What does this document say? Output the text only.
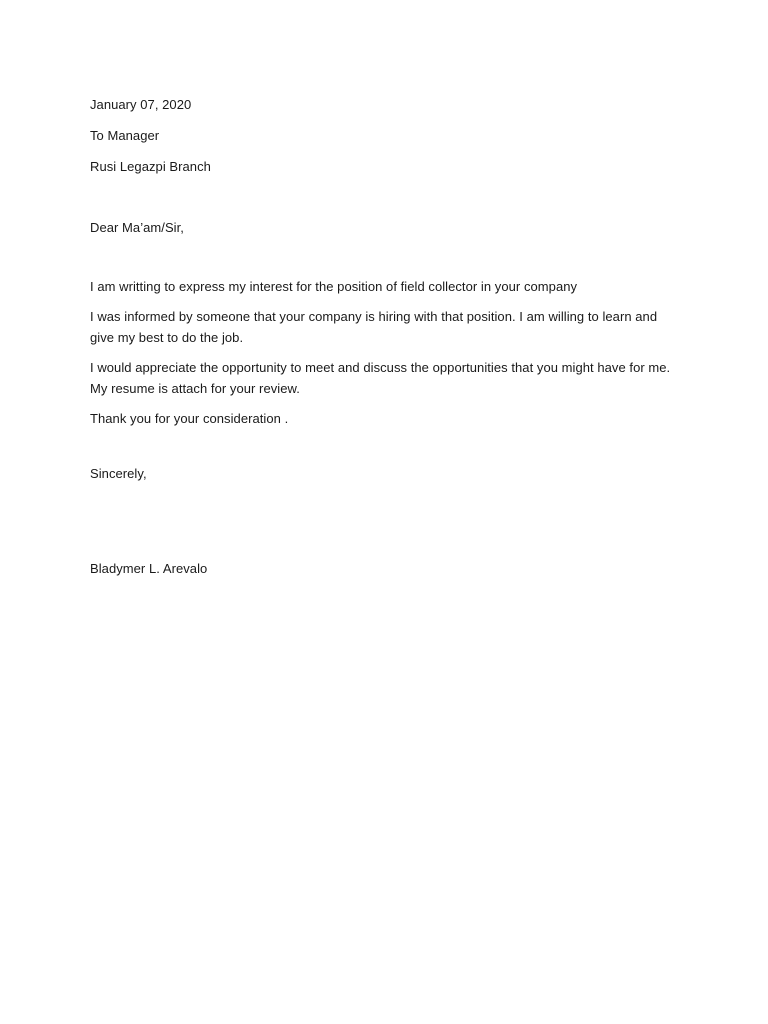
January 07, 2020

To Manager

Rusi Legazpi Branch

Dear Ma’am/Sir,

I am writting to express my interest for the position of field collector in your company

I was informed by someone that your company is hiring with that position. I am willing to learn and give my best to do the job.

I would appreciate the opportunity to meet and discuss the opportunities that you might have for me. My resume is attach for your review.

Thank you for your consideration .

Sincerely,

Bladymer L. Arevalo
